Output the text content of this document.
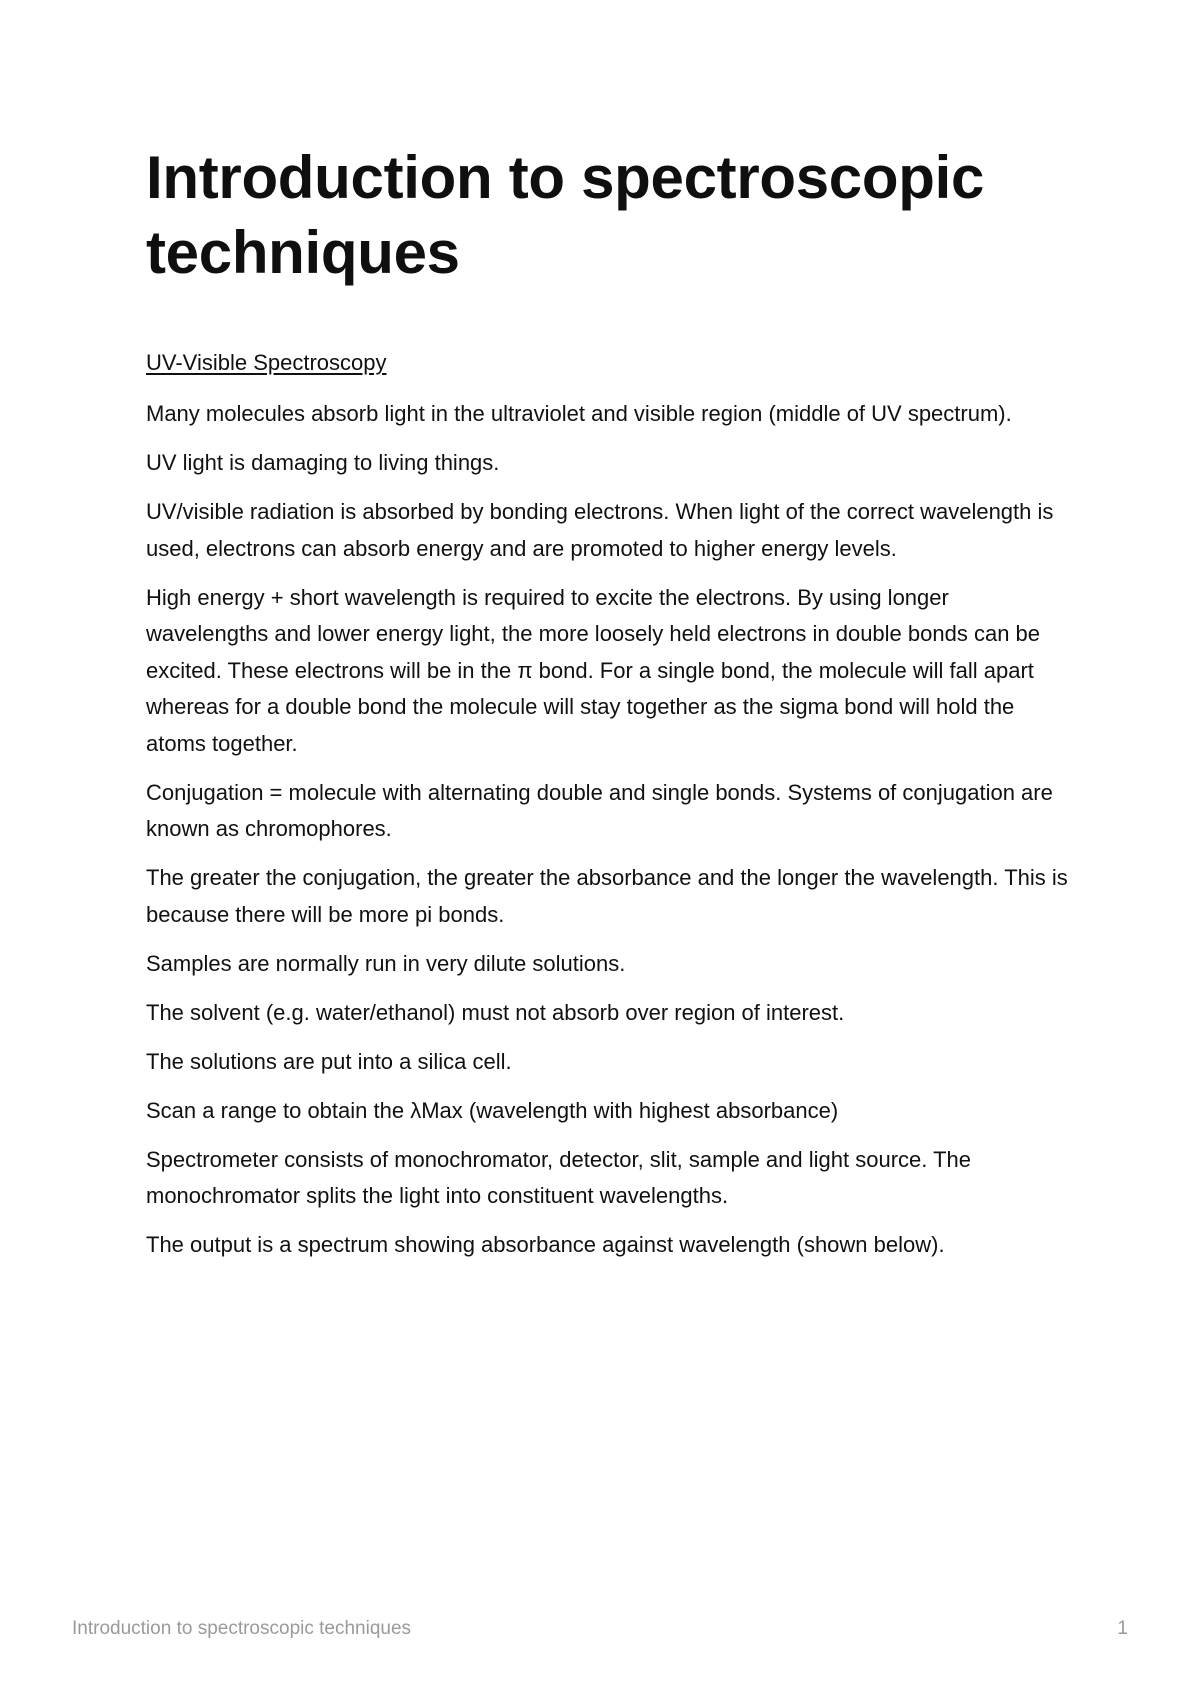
Introduction to spectroscopic techniques
UV-Visible Spectroscopy

Many molecules absorb light in the ultraviolet and visible region (middle of UV spectrum).

UV light is damaging to living things.

UV/visible radiation is absorbed by bonding electrons. When light of the correct wavelength is used, electrons can absorb energy and are promoted to higher energy levels.

High energy + short wavelength is required to excite the electrons. By using longer wavelengths and lower energy light, the more loosely held electrons in double bonds can be excited. These electrons will be in the π bond. For a single bond, the molecule will fall apart whereas for a double bond the molecule will stay together as the sigma bond will hold the atoms together.

Conjugation = molecule with alternating double and single bonds. Systems of conjugation are known as chromophores.

The greater the conjugation, the greater the absorbance and the longer the wavelength. This is because there will be more pi bonds.

Samples are normally run in very dilute solutions.

The solvent (e.g. water/ethanol) must not absorb over region of interest.

The solutions are put into a silica cell.

Scan a range to obtain the λMax (wavelength with highest absorbance)

Spectrometer consists of monochromator, detector, slit, sample and light source. The monochromator splits the light into constituent wavelengths.

The output is a spectrum showing absorbance against wavelength (shown below).

Introduction to spectroscopic techniques	1
